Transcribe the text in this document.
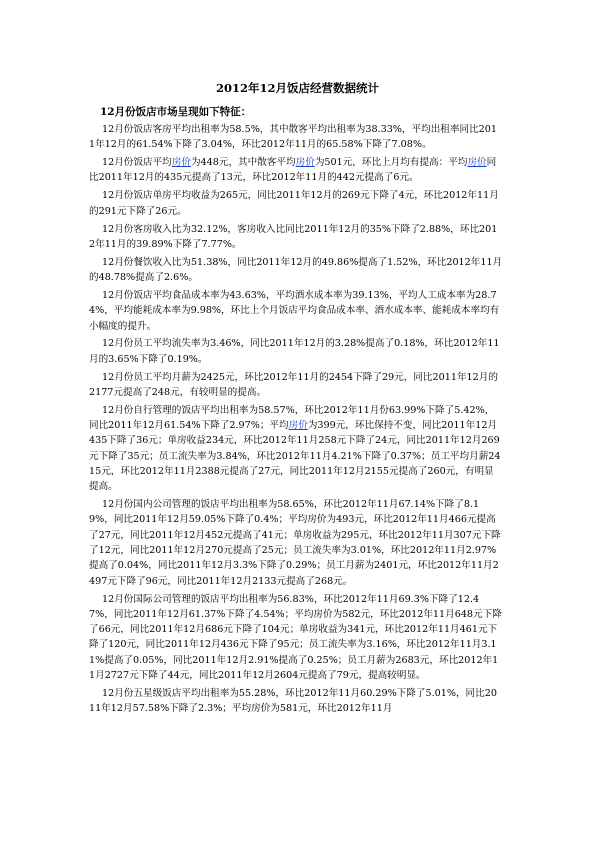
2012年12月饭店经营数据统计
12月份饭店市场呈现如下特征：

12月份饭店客房平均出租率为58.5%，其中散客平均出租率为38.33%，平均出租率同比2011年12月的61.54%下降了3.04%，环比2012年11月的65.58%下降了7.08%。

12月份饭店平均房价为448元，其中散客平均房价为501元，环比上月均有提高：平均房价同比2011年12月的435元提高了13元，环比2012年11月的442元提高了6元。

12月份饭店单房平均收益为265元，同比2011年12月的269元下降了4元，环比2012年11月的291元下降了26元。

12月份客房收入比为32.12%，客房收入比同比2011年12月的35%下降了2.88%，环比2012年11月的39.89%下降了7.77%。

12月份餐饮收入比为51.38%，同比2011年12月的49.86%提高了1.52%，环比2012年11月的48.78%提高了2.6%。

12月份饭店平均食品成本率为43.63%，平均酒水成本率为39.13%，平均人工成本率为28.74%，平均能耗成本率为9.98%，环比上个月饭店平均食品成本率、酒水成本率、能耗成本率均有小幅度的提升。

12月份员工平均流失率为3.46%，同比2011年12月的3.28%提高了0.18%，环比2012年11月的3.65%下降了0.19%。

12月份员工平均月薪为2425元，环比2012年11月的2454下降了29元，同比2011年12月的2177元提高了248元，有较明显的提高。

12月份自行管理的饭店平均出租率为58.57%，环比2012年11月份63.99%下降了5.42%，同比2011年12月61.54%下降了2.97%；平均房价为399元，环比保持不变，同比2011年12月435下降了36元；单房收益234元，环比2012年11月258元下降了24元，同比2011年12月269元下降了35元；员工流失率为3.84%，环比2012年11月4.21%下降了0.37%；员工平均月薪2415元，环比2012年11月2388元提高了27元，同比2011年12月2155元提高了260元，有明显提高。

12月份国内公司管理的饭店平均出租率为58.65%，环比2012年11月67.14%下降了8.19%，同比2011年12月59.05%下降了0.4%；平均房价为493元，环比2012年11月466元提高了27元，同比2011年12月452元提高了41元；单房收益为295元，环比2012年11月307元下降了12元，同比2011年12月270元提高了25元；员工流失率为3.01%，环比2012年11月2.97%提高了0.04%，同比2011年12月3.3%下降了0.29%；员工月薪为2401元，环比2012年11月2497元下降了96元，同比2011年12月2133元提高了268元。

12月份国际公司管理的饭店平均出租率为56.83%，环比2012年11月69.3%下降了12.47%，同比2011年12月61.37%下降了4.54%；平均房价为582元，环比2012年11月648元下降了66元，同比2011年12月686元下降了104元；单房收益为341元，环比2012年11月461元下降了120元，同比2011年12月436元下降了95元；员工流失率为3.16%，环比2012年11月3.11%提高了0.05%，同比2011年12月2.91%提高了0.25%；员工月薪为2683元，环比2012年11月2727元下降了44元，同比2011年12月2604元提高了79元，提高较明显。

12月份五星级饭店平均出租率为55.28%，环比2012年11月60.29%下降了5.01%，同比2011年12月57.58%下降了2.3%；平均房价为581元，环比2012年11月
